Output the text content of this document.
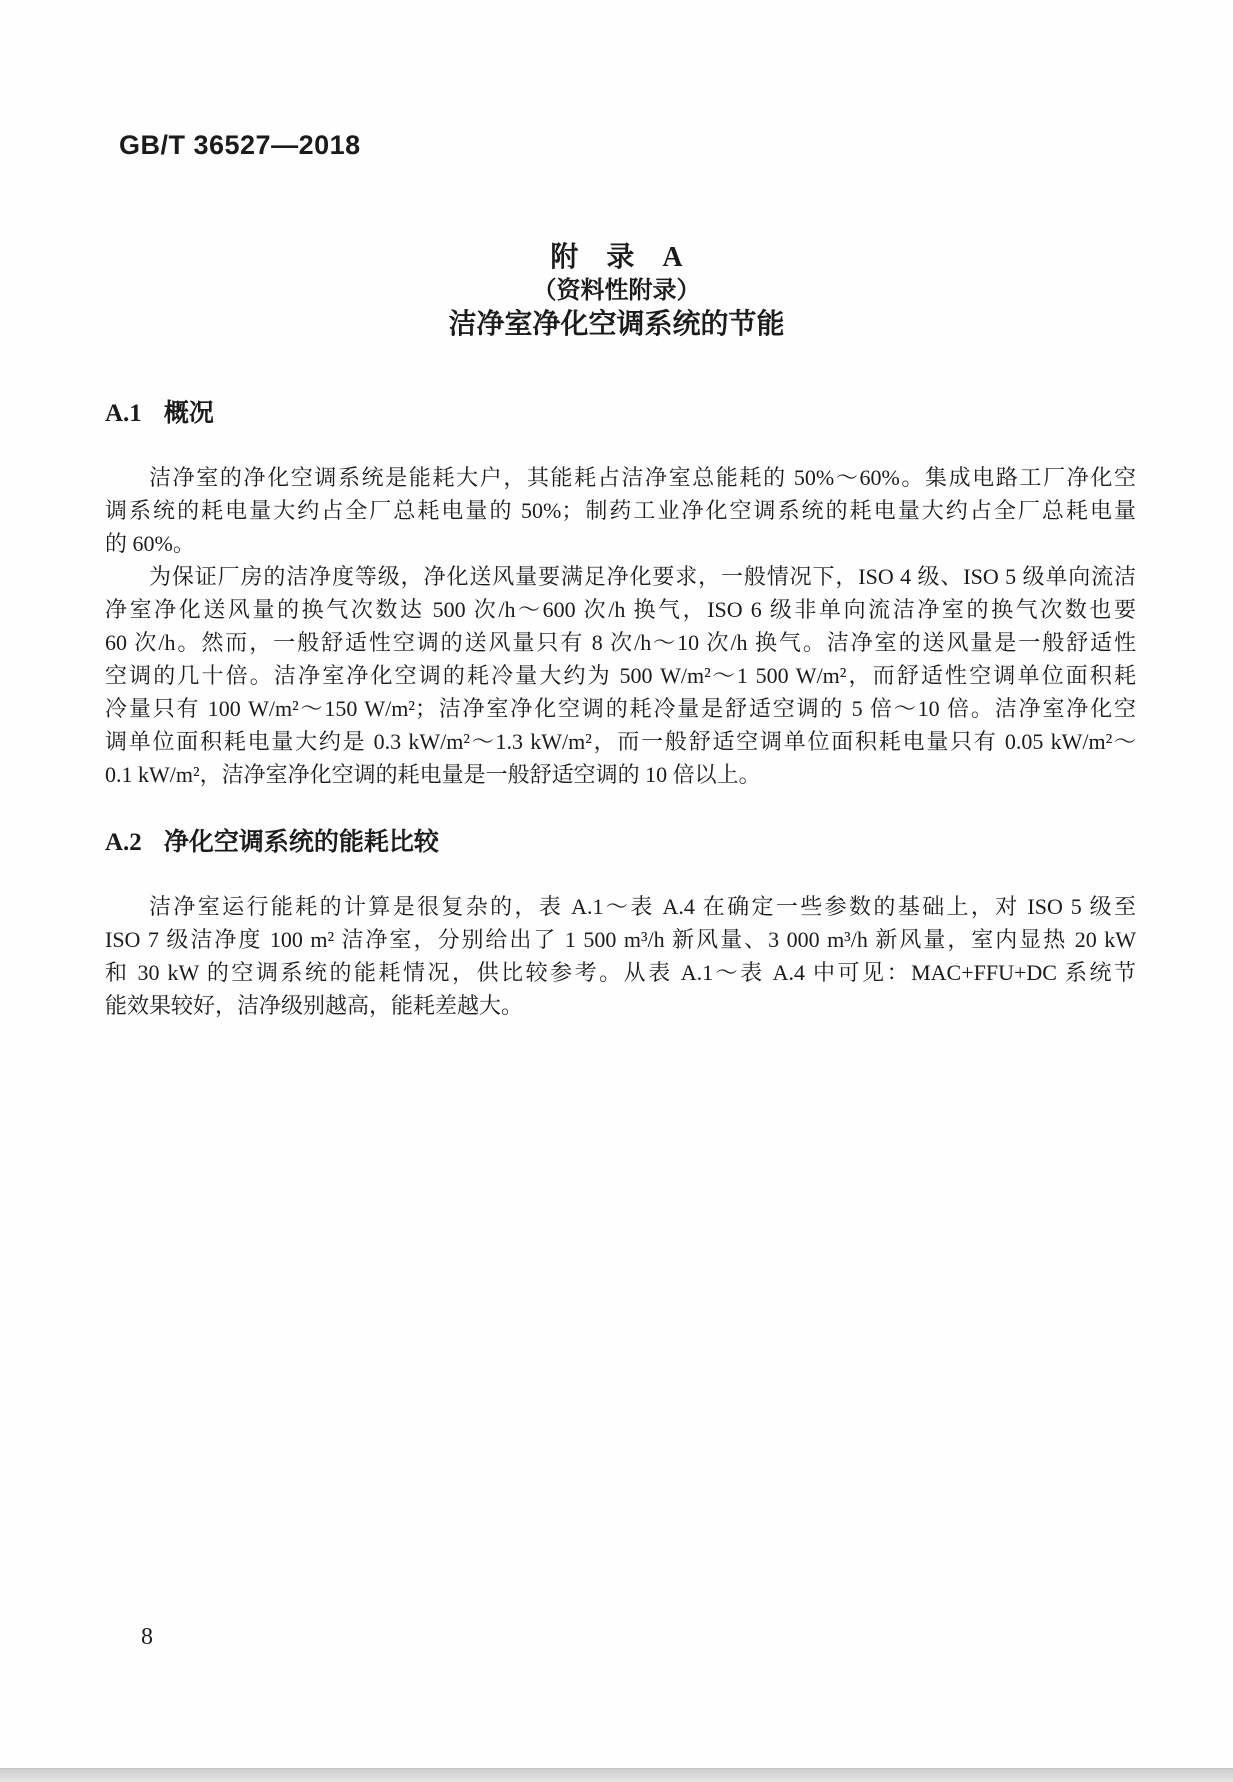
GB/T 36527—2018
附　录　A
（资料性附录）
洁净室净化空调系统的节能
A.1 概况
洁净室的净化空调系统是能耗大户，其能耗占洁净室总能耗的 50%～60%。集成电路工厂净化空
调系统的耗电量大约占全厂总耗电量的 50%；制药工业净化空调系统的耗电量大约占全厂总耗电量
的 60%。
为保证厂房的洁净度等级，净化送风量要满足净化要求，一般情况下，ISO 4 级、ISO 5 级单向流洁
净室净化送风量的换气次数达 500 次/h～600 次/h 换气，ISO 6 级非单向流洁净室的换气次数也要
60 次/h。然而，一般舒适性空调的送风量只有 8 次/h～10 次/h 换气。洁净室的送风量是一般舒适性
空调的几十倍。洁净室净化空调的耗冷量大约为 500 W/m²～1 500 W/m²，而舒适性空调单位面积耗
冷量只有 100 W/m²～150 W/m²；洁净室净化空调的耗冷量是舒适空调的 5 倍～10 倍。洁净室净化空
调单位面积耗电量大约是 0.3 kW/m²～1.3 kW/m²，而一般舒适空调单位面积耗电量只有 0.05 kW/m²～
0.1 kW/m²，洁净室净化空调的耗电量是一般舒适空调的 10 倍以上。
A.2 净化空调系统的能耗比较
洁净室运行能耗的计算是很复杂的，表 A.1～表 A.4 在确定一些参数的基础上，对 ISO 5 级至
ISO 7 级洁净度 100 m² 洁净室，分别给出了 1 500 m³/h 新风量、3 000 m³/h 新风量，室内显热 20 kW
和 30 kW 的空调系统的能耗情况，供比较参考。从表 A.1～表 A.4 中可见：MAC+FFU+DC 系统节
能效果较好，洁净级别越高，能耗差越大。
8
